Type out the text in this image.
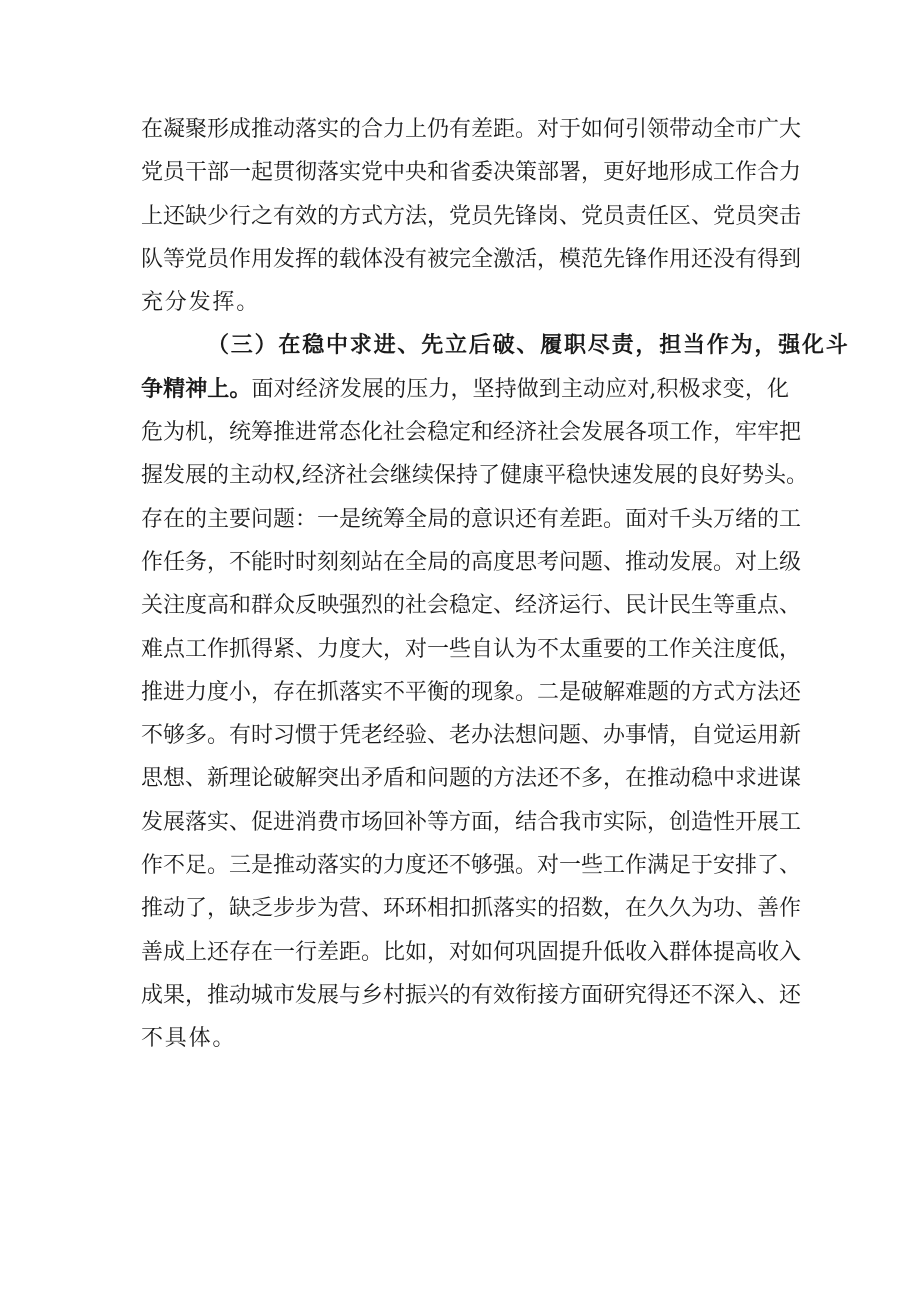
在凝聚形成推动落实的合力上仍有差距。对于如何引领带动全市广大
党员干部一起贯彻落实党中央和省委决策部署，更好地形成工作合力
上还缺少行之有效的方式方法，党员先锋岗、党员责任区、党员突击
队等党员作用发挥的载体没有被完全激活，模范先锋作用还没有得到
充分发挥。
（三）在稳中求进、先立后破、履职尽责，担当作为，强化斗
争精神上。面对经济发展的压力，坚持做到主动应对,积极求变，化
危为机，统筹推进常态化社会稳定和经济社会发展各项工作，牢牢把
握发展的主动权,经济社会继续保持了健康平稳快速发展的良好势头。
存在的主要问题：一是统筹全局的意识还有差距。面对千头万绪的工
作任务，不能时时刻刻站在全局的高度思考问题、推动发展。对上级
关注度高和群众反映强烈的社会稳定、经济运行、民计民生等重点、
难点工作抓得紧、力度大，对一些自认为不太重要的工作关注度低，
推进力度小，存在抓落实不平衡的现象。二是破解难题的方式方法还
不够多。有时习惯于凭老经验、老办法想问题、办事情，自觉运用新
思想、新理论破解突出矛盾和问题的方法还不多，在推动稳中求进谋
发展落实、促进消费市场回补等方面，结合我市实际，创造性开展工
作不足。三是推动落实的力度还不够强。对一些工作满足于安排了、
推动了，缺乏步步为营、环环相扣抓落实的招数，在久久为功、善作
善成上还存在一行差距。比如，对如何巩固提升低收入群体提高收入
成果，推动城市发展与乡村振兴的有效衔接方面研究得还不深入、还
不具体。
